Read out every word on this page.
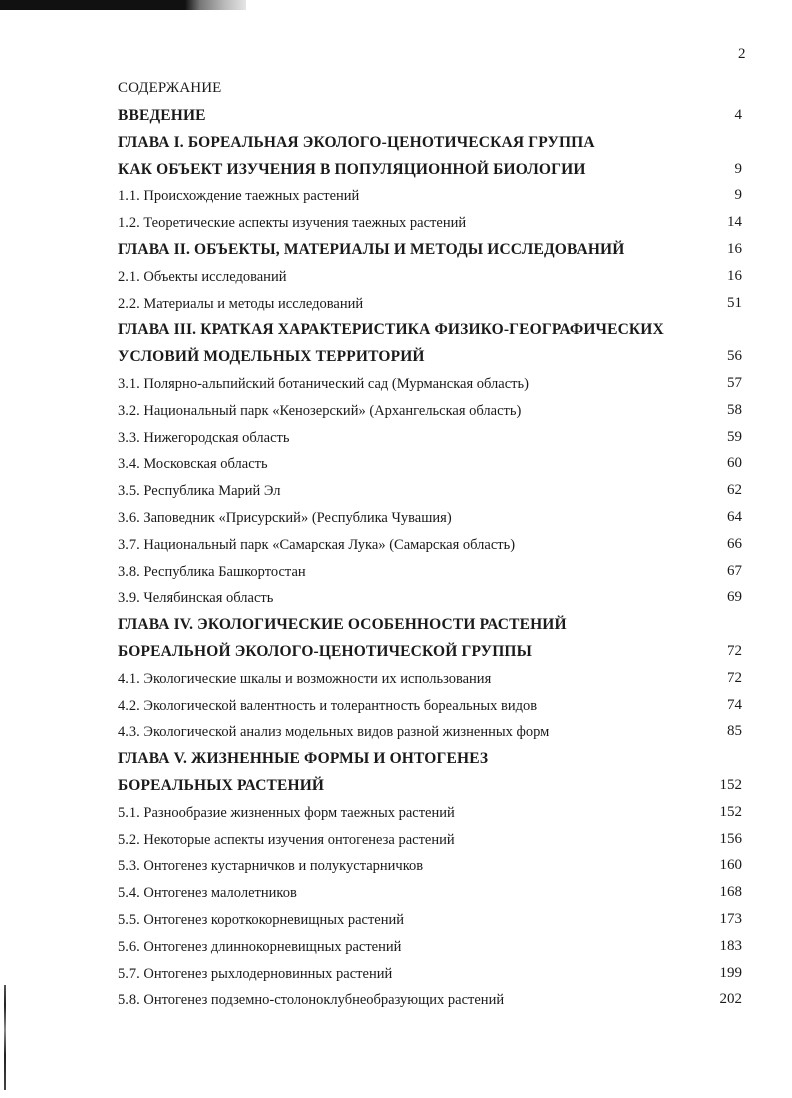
2
СОДЕРЖАНИЕ
ВВЕДЕНИЕ	4
ГЛАВА I. БОРЕАЛЬНАЯ ЭКОЛОГО-ЦЕНОТИЧЕСКАЯ ГРУППА
КАК ОБЪЕКТ ИЗУЧЕНИЯ В ПОПУЛЯЦИОННОЙ БИОЛОГИИ	9
1.1. Происхождение таежных растений	9
1.2. Теоретические аспекты изучения таежных растений	14
ГЛАВА II. ОБЪЕКТЫ, МАТЕРИАЛЫ И МЕТОДЫ ИССЛЕДОВАНИЙ	16
2.1. Объекты исследований	16
2.2. Материалы и методы исследований	51
ГЛАВА III. КРАТКАЯ ХАРАКТЕРИСТИКА ФИЗИКО-ГЕОГРАФИЧЕСКИХ
УСЛОВИЙ МОДЕЛЬНЫХ ТЕРРИТОРИЙ	56
3.1. Полярно-альпийский ботанический сад (Мурманская область)	57
3.2. Национальный парк «Кенозерский» (Архангельская область)	58
3.3. Нижегородская область	59
3.4. Московская область	60
3.5. Республика Марий Эл	62
3.6. Заповедник «Присурский» (Республика Чувашия)	64
3.7. Национальный парк «Самарская Лука» (Самарская область)	66
3.8. Республика Башкортостан	67
3.9. Челябинская область	69
ГЛАВА IV. ЭКОЛОГИЧЕСКИЕ ОСОБЕННОСТИ РАСТЕНИЙ
БОРЕАЛЬНОЙ ЭКОЛОГО-ЦЕНОТИЧЕСКОЙ ГРУППЫ	72
4.1. Экологические шкалы и возможности их использования	72
4.2. Экологической валентность и толерантность бореальных видов	74
4.3. Экологической анализ модельных видов разной жизненных форм	85
ГЛАВА V. ЖИЗНЕННЫЕ ФОРМЫ И ОНТОГЕНЕЗ
БОРЕАЛЬНЫХ РАСТЕНИЙ	152
5.1. Разнообразие жизненных форм таежных растений	152
5.2. Некоторые аспекты изучения онтогенеза растений	156
5.3. Онтогенез кустарничков и полукустарничков	160
5.4. Онтогенез малолетников	168
5.5. Онтогенез короткокорневищных растений	173
5.6. Онтогенез длиннокорневищных растений	183
5.7. Онтогенез рыхлодерновинных растений	199
5.8. Онтогенез подземно-столоноклубнеобразующих растений	202
